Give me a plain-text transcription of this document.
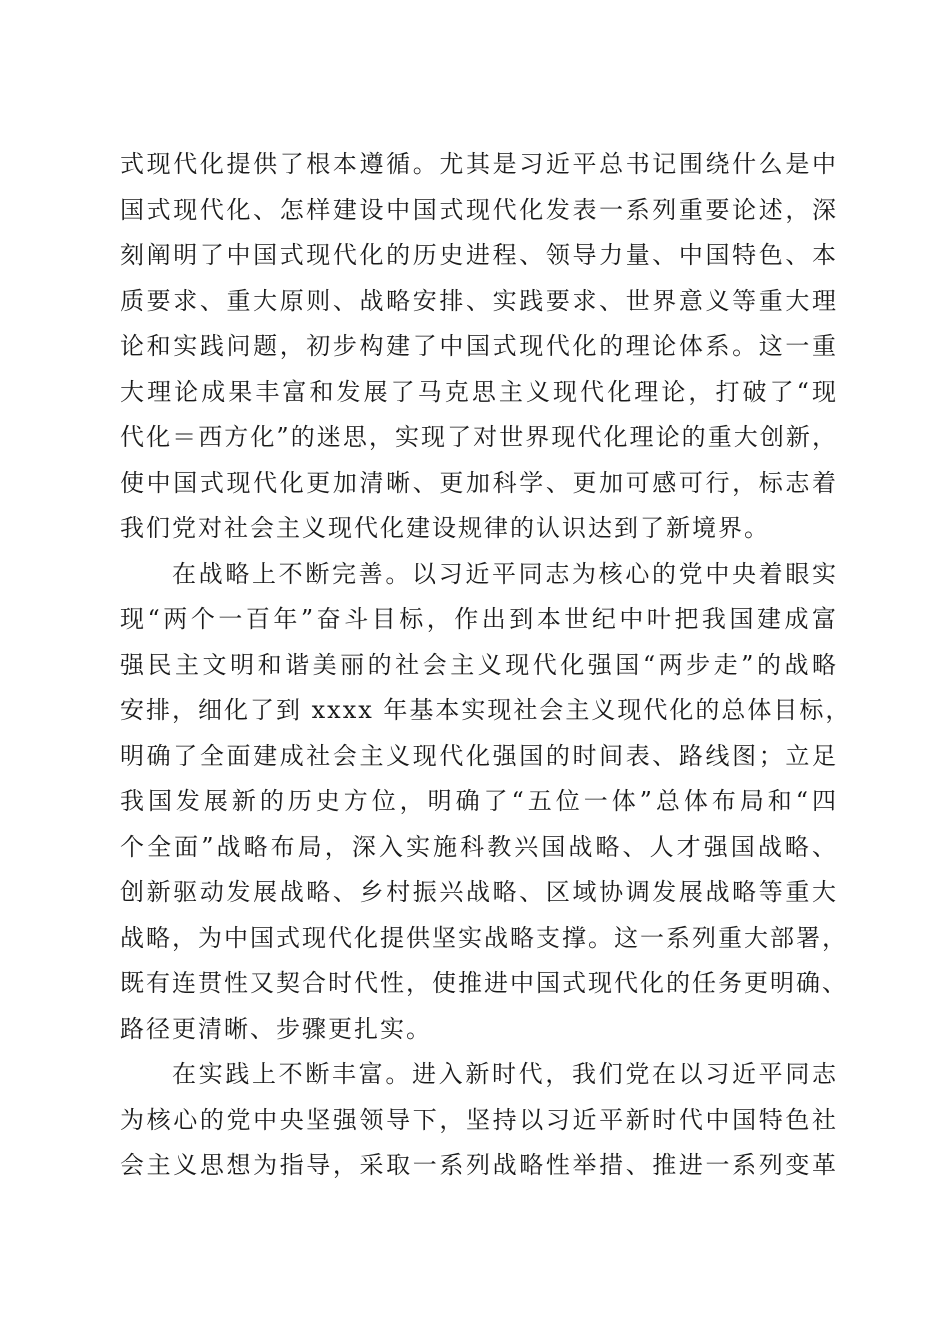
式现代化提供了根本遵循。尤其是习近平总书记围绕什么是中
国式现代化、怎样建设中国式现代化发表一系列重要论述，深
刻阐明了中国式现代化的历史进程、领导力量、中国特色、本
质要求、重大原则、战略安排、实践要求、世界意义等重大理
论和实践问题，初步构建了中国式现代化的理论体系。这一重
大理论成果丰富和发展了马克思主义现代化理论，打破了“现
代化＝西方化”的迷思，实现了对世界现代化理论的重大创新，
使中国式现代化更加清晰、更加科学、更加可感可行，标志着
我们党对社会主义现代化建设规律的认识达到了新境界。
在战略上不断完善。以习近平同志为核心的党中央着眼实
现“两个一百年”奋斗目标，作出到本世纪中叶把我国建成富
强民主文明和谐美丽的社会主义现代化强国“两步走”的战略
安排，细化了到 xxxx 年基本实现社会主义现代化的总体目标，
明确了全面建成社会主义现代化强国的时间表、路线图；立足
我国发展新的历史方位，明确了“五位一体”总体布局和“四
个全面”战略布局，深入实施科教兴国战略、人才强国战略、
创新驱动发展战略、乡村振兴战略、区域协调发展战略等重大
战略，为中国式现代化提供坚实战略支撑。这一系列重大部署，
既有连贯性又契合时代性，使推进中国式现代化的任务更明确、
路径更清晰、步骤更扎实。
在实践上不断丰富。进入新时代，我们党在以习近平同志
为核心的党中央坚强领导下，坚持以习近平新时代中国特色社
会主义思想为指导，采取一系列战略性举措、推进一系列变革
